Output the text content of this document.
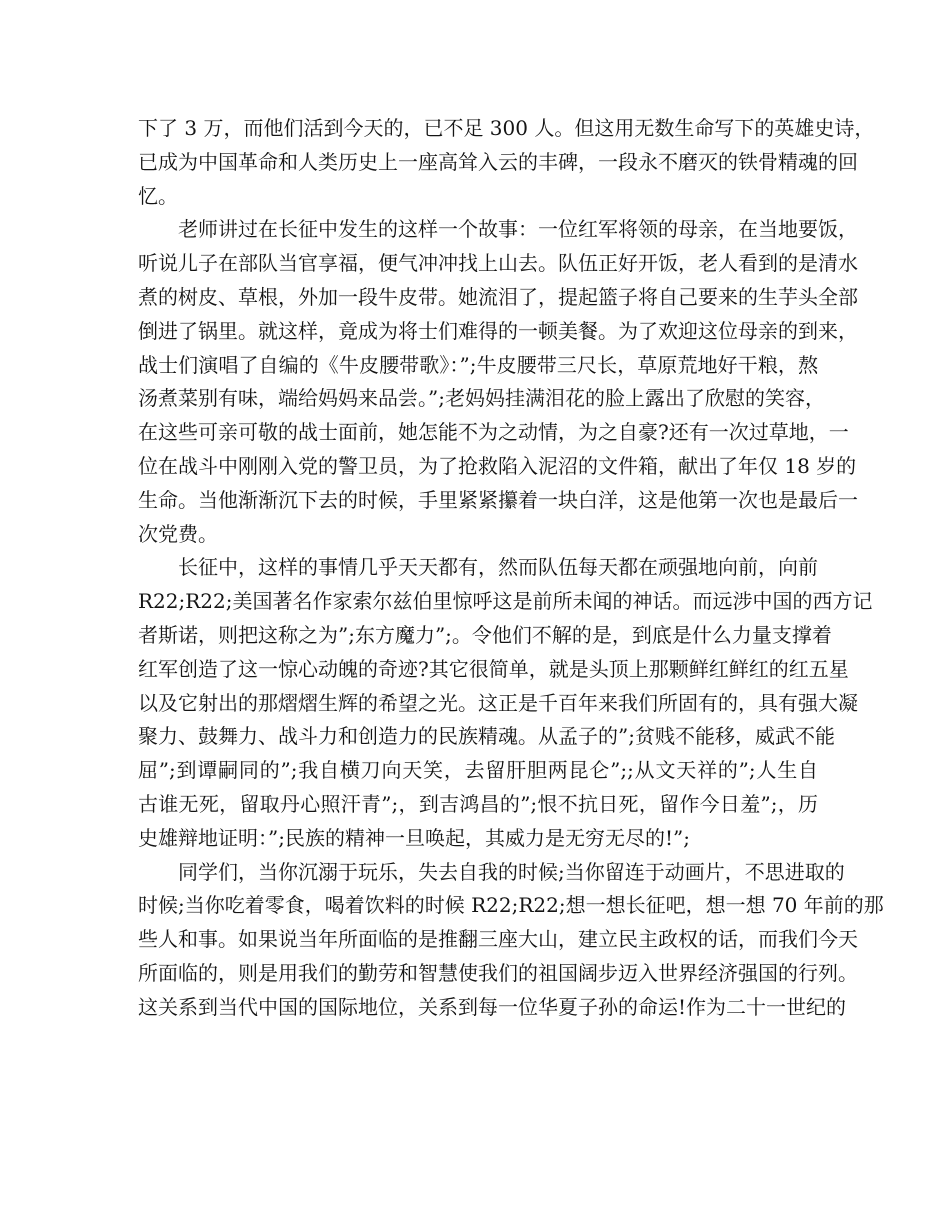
下了 3 万，而他们活到今天的，已不足 300 人。但这用无数生命写下的英雄史诗，
已成为中国革命和人类历史上一座高耸入云的丰碑，一段永不磨灭的铁骨精魂的回
忆。
老师讲过在长征中发生的这样一个故事：一位红军将领的母亲，在当地要饭，
听说儿子在部队当官享福，便气冲冲找上山去。队伍正好开饭，老人看到的是清水
煮的树皮、草根，外加一段牛皮带。她流泪了，提起篮子将自己要来的生芋头全部
倒进了锅里。就这样，竟成为将士们难得的一顿美餐。为了欢迎这位母亲的到来，
战士们演唱了自编的《牛皮腰带歌》：”;牛皮腰带三尺长，草原荒地好干粮，熬
汤煮菜别有味，端给妈妈来品尝。”;老妈妈挂满泪花的脸上露出了欣慰的笑容，
在这些可亲可敬的战士面前，她怎能不为之动情，为之自豪?还有一次过草地，一
位在战斗中刚刚入党的警卫员，为了抢救陷入泥沼的文件箱，献出了年仅 18 岁的
生命。当他渐渐沉下去的时候，手里紧紧攥着一块白洋，这是他第一次也是最后一
次党费。
长征中，这样的事情几乎天天都有，然而队伍每天都在顽强地向前，向前
R22;R22;美国著名作家索尔兹伯里惊呼这是前所未闻的神话。而远涉中国的西方记
者斯诺，则把这称之为”;东方魔力”;。令他们不解的是，到底是什么力量支撑着
红军创造了这一惊心动魄的奇迹?其它很简单，就是头顶上那颗鲜红鲜红的红五星
以及它射出的那熠熠生辉的希望之光。这正是千百年来我们所固有的，具有强大凝
聚力、鼓舞力、战斗力和创造力的民族精魂。从孟子的”;贫贱不能移，威武不能
屈”;到谭嗣同的”;我自横刀向天笑，去留肝胆两昆仑”;;从文天祥的”;人生自
古谁无死，留取丹心照汗青”;，到吉鸿昌的”;恨不抗日死，留作今日羞”;，历
史雄辩地证明：”;民族的精神一旦唤起，其威力是无穷无尽的!”;
同学们，当你沉溺于玩乐，失去自我的时候;当你留连于动画片，不思进取的
时候;当你吃着零食，喝着饮料的时候 R22;R22;想一想长征吧，想一想 70 年前的那
些人和事。如果说当年所面临的是推翻三座大山，建立民主政权的话，而我们今天
所面临的，则是用我们的勤劳和智慧使我们的祖国阔步迈入世界经济强国的行列。
这关系到当代中国的国际地位，关系到每一位华夏子孙的命运!作为二十一世纪的
